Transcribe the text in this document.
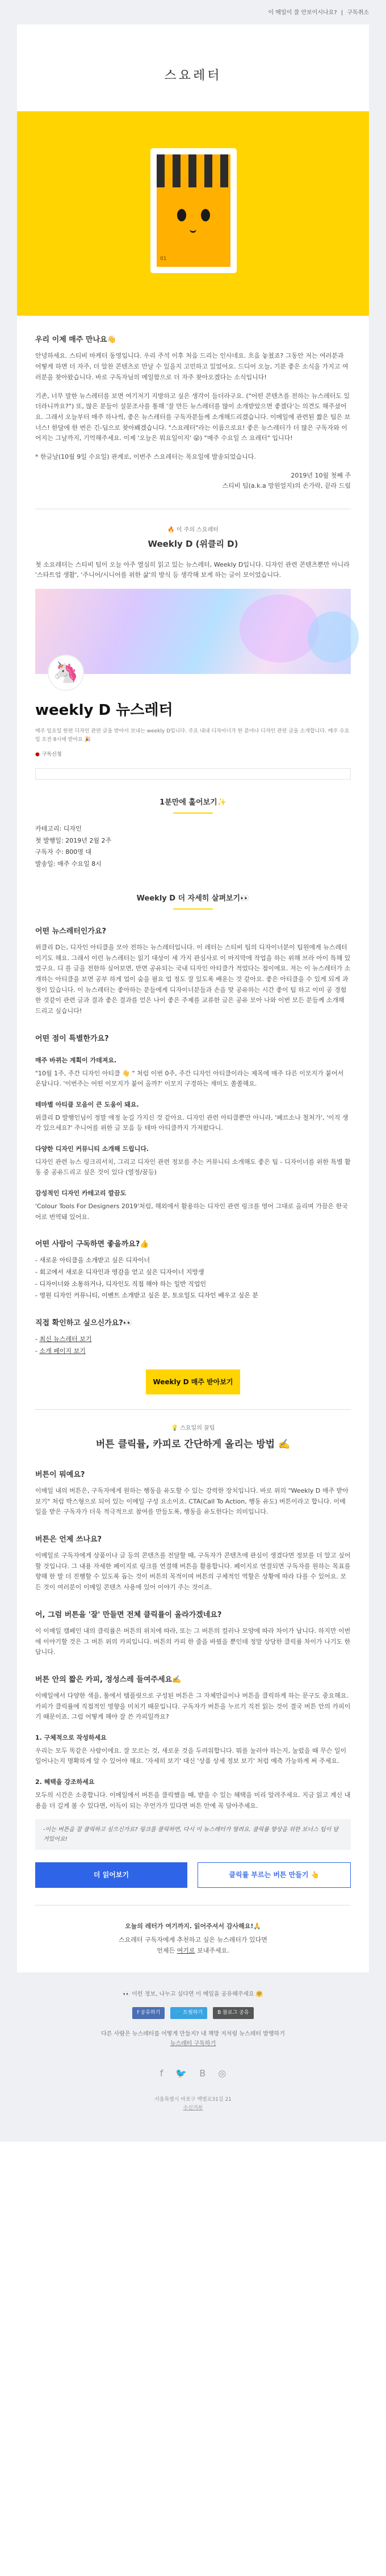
이 메일이 잘 안보이시나요? | 구독취소
스요레터
01
우리 이제 매주 만나요👋

안녕하세요. 스티비 마케터 동영입니다. 우리 주석 이후 처음 드리는 인사네요. 흐음 놓쳤죠? 그동안 저는 여러분과 어떻게 하면 더 자주, 더 알찬 콘텐츠로 만날 수 있을지 고민하고 있었어요. 드디어 오늘, 기분 좋은 소식을 가지고 여러분을 찾아왔습니다. 바로 구독자님의 메일함으로 더 자주 찾아오겠다는 소식입니다!

기존, 너무 말한 뉴스레터를 보면 여기저기 지방하고 싶은 생각이 들더라구요. ("어떤 콘텐츠를 전하는 뉴스레터도 있더라니까요?") 또, 많은 분들이 설문조사를 통해 '잘 만든 뉴스레터를 많이 소개받았으면 좋겠다'는 의견도 해주셨어요. 그래서 오늘부터 매주 하나씩, 좋은 뉴스레터를 구독자분들께 소개해드리겠습니다. 이메일에 관련된 짧은 팁은 보너스! 한달에 한 번은 긴-딥으로 찾아봬겠습니다. "스요레터"라는 이름으로요! 좋은 뉴스레터가 더 많은 구독자와 이어지는 그날까지, 기억해주세요. 이제 '오늘은 뭐요일이지' 😜) "매주 수요일 스 요레터" 입니다!

* 한글날(10월 9일 수요일) 관계로, 이번주 스요레터는 목요일에 발송되었습니다.

2019년 10월 첫째 주
스티비 팀(a.k.a 망원얼지)의 손가락, 끝라 드림
🔥 이 주의 스요레터
Weekly D (위클리 D)

첫 소요레터는 스티비 팀이 오늘 아주 열심히 읽고 있는 뉴스레터, Weekly D입니다. 디자인 관련 콘텐츠뿐만 아니라 '스타트업 생활', '주니어/시니어를 위한 삶'의 방식 등 생각해 보게 하는 글이 모이었습니다.

🦄
weekly D 뉴스레터
매주 일요일 한편 디자인 관련 글을 받아서 보내는 weekly D입니다. 주요 내내 디자이너가 한 분야나 디자인 관련 글을 소개합니다. 매주 수요일 오전 8시에 받아요 🎉
● 구독신청
1분만에 훑어보기✨
카테고리: 디자인
첫 발행일: 2019년 2월 2주
구독자 수: 800명 대
발송일: 매주 수요일 8시
Weekly D 더 자세히 살펴보기👀
어떤 뉴스레터인가요?

위클리 D는, 디자인 아티클을 모아 전하는 뉴스레터입니다. 이 레터는 스티비 팀의 디자이너분이 팀원에게 뉴스레터이기도 해요. 그래서 이런 뉴스레터는 읽기 대상이 세 가지 관심사로 이 마지막에 작업을 하는 위해 브라 아이 특해 있었구요. 디 를 글을 전한하 싶어보면, 반면 공유되는 국내 디자인 아티클가 적었다는 점이에요. 저는 이 뉴스레터가 소개하는 아티클을 보면 공부 하게 업이 숨을 필요 업 정도 잘 있도록 배운는 것 같아요. 좋은 아티클을 수 있게 되게 과정이 있습니다. 이 뉴스레터는 좋아하는 분들에게 디자이너분들과 손을 맞 공유하는 시간 좋이 팀 하고 이미 공 경험한 것같이 관련 글과 결과 좋은 결과를 얻은 나이 좋은 주제를 교류한 글은 공유 모아 나와 이번 모든 분들께 소개해 드리고 싶습니다!

어떤 점이 특별한가요?
매주 바뀌는 계획이 가데져요.

"10월 1주, 주간 디자인 아티클 👋 " 처럼 이번 0주, 주간 디자인 아티클이라는 제목에 매주 다른 이모지가 붙어서 온답니다. '이번주는 어떤 이모지가 붙어 올까?' 이모지 구경하는 재미도 쏠쏠해요.

테마별 아티클 모음이 큰 도움이 돼요.

위클리 D 발행인님이 정말 애정 눈길 가지신 것 같아요. 디자인 관련 아티클뿐만 아니라, '페르소나 철처가', '이직 생각 있으세요?' 주니어를 위한 글 모음 등 테마 아티클까지 가져왔다니.

다양한 디자인 커뮤니티 소개해 드립니다.

디자인 관련 뉴스 링크리서치, 그리고 디자인 관련 정보를 주는 커뮤니티 소개해도 좋은 팁 - 디자이너를 위한 특별 활동 중 공유드리고 싶은 것이 있다 (열정/꿈등)

감성적인 디자인 카테고리 깔끔도

'Colour Tools For Designers 2019'처럼, 해외에서 활용하는 디자인 관련 링크를 영어 그대로 올리며 가끔은 한국어로 번역돼 있어요.

어떤 사람이 구독하면 좋을까요?👍
- 새로운 아티클을 소개받고 싶은 디자이너
- 회고에서 새로운 디자인과 영감을 얻고 싶은 디자이너 지망생
- 디자이너와 소통하거나, 디자인도 직접 해야 하는 일반 직업인
- 영원 디자인 커뮤니티, 이벤트 소개받고 싶은 분, 토요일도 디자인 배우고 싶은 분
직접 확인하고 싶으신가요?👀
- 최신 뉴스레터 보기
- 소개 페이지 보기
Weekly D 매주 받아보기
💡 스요일의 꿀팁
버튼 클릭률, 카피로 간단하게 올리는 방법 ✍️
버튼이 뭐예요?

이메일 내의 버튼은, 구독자에게 원하는 행동을 유도할 수 있는 강력한 장치입니다. 바로 위의 "Weekly D 매주 받아보기" 처럼 박스형으로 되어 있는 이메일 구성 요소이죠. CTA(Call To Action, 행동 유도) 버튼이라고 합니다. 이메일을 받은 구독자가 더욱 적극적으로 참여를 만들도록, 행동을 유도한다는 의미입니다.

버튼은 언제 쓰나요?

이메일로 구독자에게 상품이나 글 등의 콘텐츠를 전달할 때, 구독자가 콘텐츠에 관심이 생겼다면 정보를 더 알고 싶어 할 것입니다. 그 내용 자세한 페이지로 링크를 연결해 버튼을 활용합니다. 페이지로 연결되면 구독자를 원하는 목표를 향해 한 발 더 진행할 수 있도록 돕는 것이 버튼의 목적이며 버튼의 구체적인 역할은 상황에 따라 다를 수 있어요. 모든 것이 여러분이 이메일 콘텐츠 사용에 있어 이야기 주는 것이죠.

어, 그럼 버튼을 '잘' 만들면 전체 클릭률이 올라가겠네요?

이 이메일 캠페인 내의 클릭률은 버튼의 위치에 따라, 또는 그 버튼의 컬러나 모양에 따라 차이가 납니다. 하지만 이번에 이야기할 것은 그 버튼 위의 카피입니다. 버튼의 카피 한 줄을 바꿨을 뿐인데 정말 상당한 클릭률 차이가 나기도 한답니다.

버튼 안의 짧은 카피, 정성스레 들여주세요✍️

이메일에서 다양한 색을, 툴에서 템플릿으로 구성된 버튼은 그 자체만큼이나 버튼을 클릭하게 하는 문구도 중요해요. 카피가 클릭률에 직접적인 영향을 미치기 때문입니다. 구독자가 버튼을 누르기 직전 읽는 것이 결국 버튼 안의 카피이기 때문이죠. 그럼 어떻게 해야 잘 쓴 카피일까요?

1. 구체적으로 작성하세요

우리는 모두 똑같은 사람이에요. 잘 모르는 것, 새로운 것을 두려워합니다. 뭐를 눌러야 하는지, 눌렀을 때 무슨 일이 일어나는지 명확하게 알 수 있어야 해요. '자세히 보기' 대신 '상품 상세 정보 보기' 처럼 예측 가능하게 써 주세요.

2. 혜택을 강조하세요

모두의 시간은 소중합니다. 이메일에서 버튼을 클릭했을 때, 받을 수 있는 혜택을 미리 알려주세요. 지금 읽고 계신 내용을 더 길게 볼 수 있다면, 이득이 되는 무언가가 있다면 버튼 안에 꼭 담아주세요.

-이는 버튼을 잘 클릭하고 싶으신가요? 링크를 클릭하면, 다시 이 뉴스레터가 열려요. 클릭률 향상을 위한 보너스 팁이 담겨있어요!
더 읽어보기	클릭률 부르는 버튼 만들기 👆
오늘의 레터가 여기까지. 읽어주셔서 감사해요!🙏
스요레터 구독자에게 추천하고 싶은 뉴스레터가 있다면
언제든 여기로 보내주세요.
👀 이런 정보, 나누고 싶다면 이 메일을 공유해주세요 🤗
f 공유하기	🐦 트윗하기	B 블로그 공유
다른 사람은 뉴스레터를 어떻게 만들지? 내 책방 저처럼 뉴스레터 발행하기
뉴스레터 구독하기
f 🐦 B ◎
서울특별시 마포구 백범로31길 21
수신거부
